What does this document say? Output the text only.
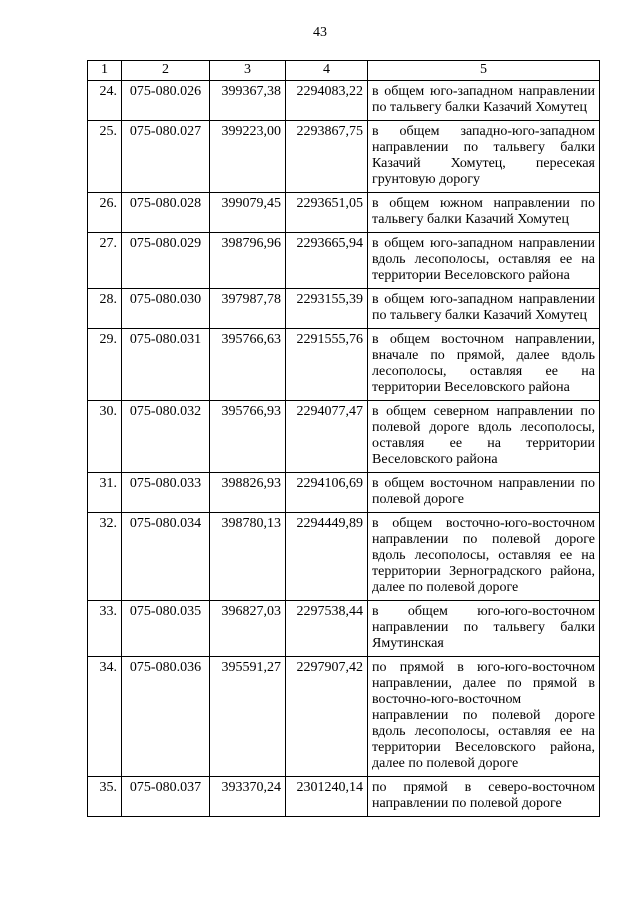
43
1	2	3	4	5
24.	075-080.026	399367,38	2294083,22	в общем юго-западном направлении по тальвегу балки Казачий Хомутец
25.	075-080.027	399223,00	2293867,75	в общем западно-юго-западном направлении по тальвегу балки Казачий Хомутец, пересекая грунтовую дорогу
26.	075-080.028	399079,45	2293651,05	в общем южном направлении по тальвегу балки Казачий Хомутец
27.	075-080.029	398796,96	2293665,94	в общем юго-западном направлении вдоль лесополосы, оставляя ее на территории Веселовского района
28.	075-080.030	397987,78	2293155,39	в общем юго-западном направлении по тальвегу балки Казачий Хомутец
29.	075-080.031	395766,63	2291555,76	в общем восточном направлении, вначале по прямой, далее вдоль лесополосы, оставляя ее на территории Веселовского района
30.	075-080.032	395766,93	2294077,47	в общем северном направлении по полевой дороге вдоль лесополосы, оставляя ее на территории Веселовского района
31.	075-080.033	398826,93	2294106,69	в общем восточном направлении по полевой дороге
32.	075-080.034	398780,13	2294449,89	в общем восточно-юго-восточном направлении по полевой дороге вдоль лесополосы, оставляя ее на территории Зерноградского района, далее по полевой дороге
33.	075-080.035	396827,03	2297538,44	в общем юго-юго-восточном направлении по тальвегу балки Ямутинская
34.	075-080.036	395591,27	2297907,42	по прямой в юго-юго-восточном направлении, далее по прямой в восточно-юго-восточном направлении по полевой дороге вдоль лесополосы, оставляя ее на территории Веселовского района, далее по полевой дороге
35.	075-080.037	393370,24	2301240,14	по прямой в северо-восточном направлении по полевой дороге
